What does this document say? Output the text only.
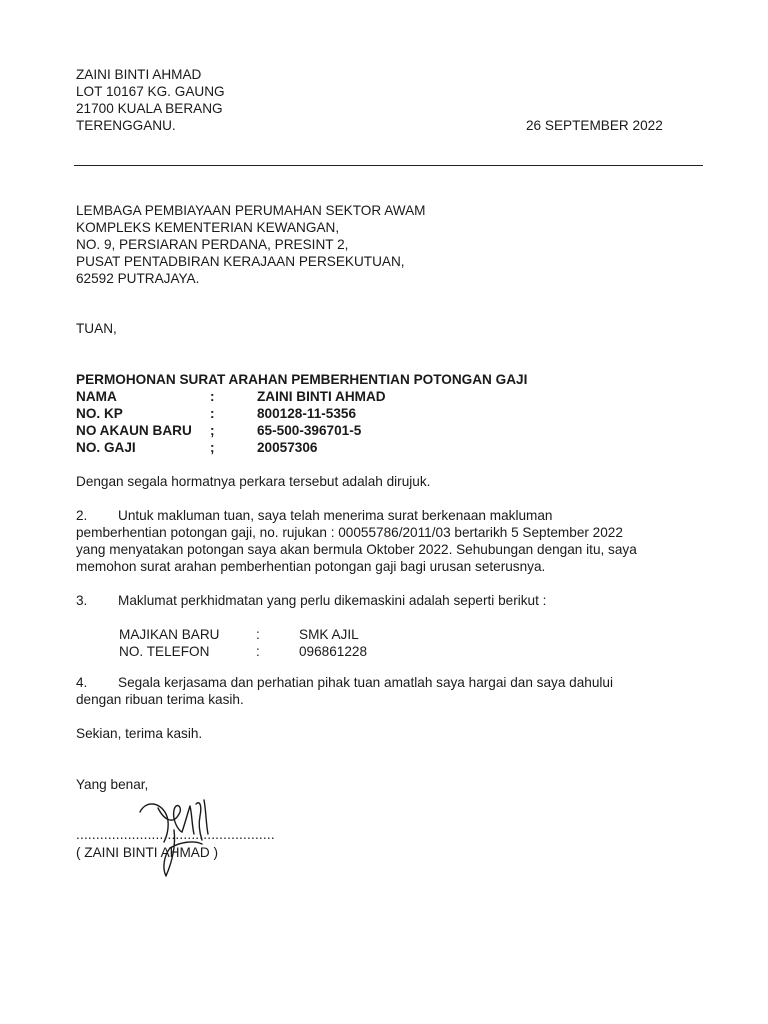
ZAINI BINTI AHMAD
LOT 10167 KG. GAUNG
21700 KUALA BERANG
TERENGGANU.	26 SEPTEMBER 2022
LEMBAGA PEMBIAYAAN PERUMAHAN SEKTOR AWAM
KOMPLEKS KEMENTERIAN KEWANGAN,
NO. 9, PERSIARAN PERDANA, PRESINT 2,
PUSAT PENTADBIRAN KERAJAAN PERSEKUTUAN,
62592 PUTRAJAYA.
TUAN,
PERMOHONAN SURAT ARAHAN PEMBERHENTIAN POTONGAN GAJI
NAMA	:	ZAINI BINTI AHMAD
NO. KP	:	800128-11-5356
NO AKAUN BARU ;	65-500-396701-5
NO. GAJI	;	20057306
Dengan segala hormatnya perkara tersebut adalah dirujuk.
2. Untuk makluman tuan, saya telah menerima surat berkenaan makluman
pemberhentian potongan gaji, no. rujukan : 00055786/2011/03 bertarikh 5 September 2022
yang menyatakan potongan saya akan bermula Oktober 2022. Sehubungan dengan itu, saya
memohon surat arahan pemberhentian potongan gaji bagi urusan seterusnya.
3. Maklumat perkhidmatan yang perlu dikemaskini adalah seperti berikut :
MAJIKAN BARU	:	SMK AJIL
NO. TELEFON	:	096861228
4. Segala kerjasama dan perhatian pihak tuan amatlah saya hargai dan saya dahului
dengan ribuan terima kasih.
Sekian, terima kasih.
Yang benar,
..................................................
( ZAINI BINTI AHMAD )
